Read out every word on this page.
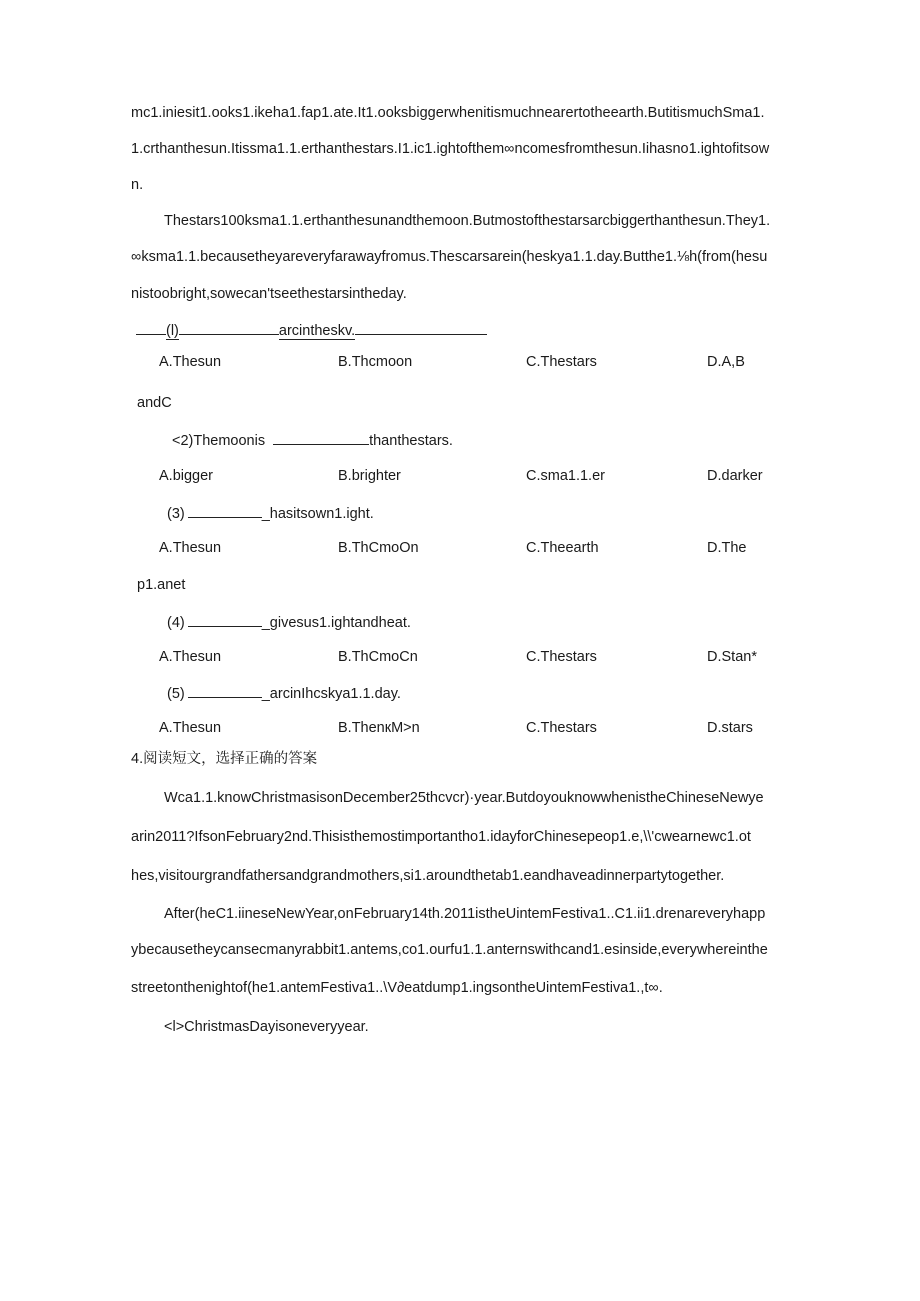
mc1.iniesit1.ooks1.ikeha1.fap1.ate.It1.ooksbiggerwhenitismuchnearertotheearth.ButitismuchSma1.
1.crthanthesun.Itissma1.1.erthanthestars.I1.ic1.ightofthem∞ncomesfromthesun.Iihasno1.ightofitsow
n.
Thestars100ksma1.1.erthanthesunandthemoon.Butmostofthestarsarcbiggerthanthesun.They1.
∞ksma1.1.becausetheyareveryfarawayfromus.Thescarsarein(heskya1.1.day.Butthe1.⅛h(from(hesu
nistoobright,sowecan'tseethestarsintheday.
(l)	arcintheskv.
A.Thesun	B.Thcmoon	C.Thestars	D.A,B
andC
<2)Themoonis	thanthestars.
A.bigger	B.brighter	C.sma1.1.er	D.darker
(3)	_hasitsown1.ight.
A.Thesun	B.ThCmoOn	C.Theearth	D.The
p1.anet
(4)	_givesus1.ightandheat.
A.Thesun	B.ThCmoCn	C.Thestars	D.Stan*
(5)	_arcinIhcskya1.1.day.
A.Thesun	B.ThenкM>n	C.Thestars	D.stars
4.阅读短文，选择正确的答案
Wca1.1.knowChristmasisonDecember25thcvcr)·year.ButdoyouknowwhenistheChineseNewye
arin2011?IfsonFebruary2nd.Thisisthemostimportantho1.idayforChinesepeop1.e,\\'cwearnewc1.ot
hes,visitourgrandfathersandgrandmothers,si1.aroundthetab1.eandhaveadinnerpartytogether.
After(heC1.iineseNewYear,onFebruary14th.2011istheUintemFestiva1..C1.ii1.drenareveryhapp
ybecausetheycansecmanyrabbit1.antems,co1.ourfu1.1.anternswithcand1.esinside,everywhereinthe
streetonthenightof(he1.antemFestiva1..\V∂eatdump1.ingsontheUintemFestiva1.,t∞.
<l>ChristmasDayisoneveryyear.
